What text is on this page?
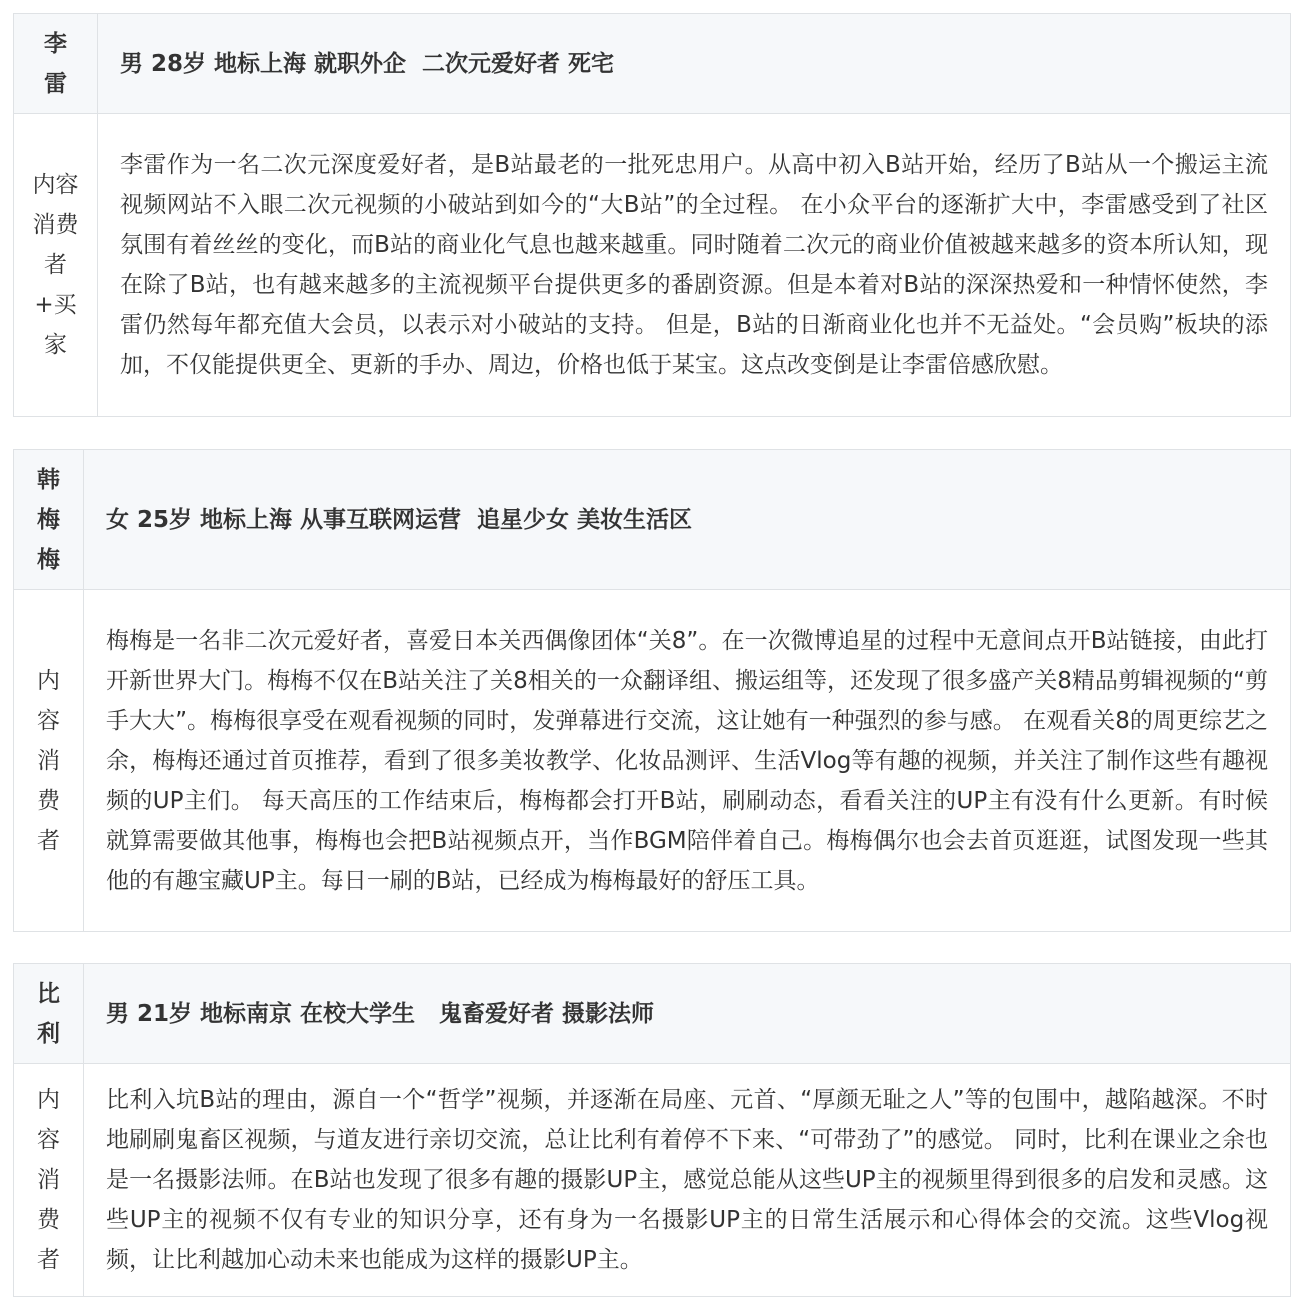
李雷	男 28岁 地标上海 就职外企  二次元爱好者 死宅
内容消费者+买家	李雷作为一名二次元深度爱好者，是B站最老的一批死忠用户。从高中初入B站开始，经历了B站从一个搬运主流视频网站不入眼二次元视频的小破站到如今的“大B站”的全过程。 在小众平台的逐渐扩大中，李雷感受到了社区氛围有着丝丝的变化，而B站的商业化气息也越来越重。同时随着二次元的商业价值被越来越多的资本所认知，现在除了B站，也有越来越多的主流视频平台提供更多的番剧资源。但是本着对B站的深深热爱和一种情怀使然，李雷仍然每年都充值大会员，以表示对小破站的支持。 但是，B站的日渐商业化也并不无益处。“会员购”板块的添加，不仅能提供更全、更新的手办、周边，价格也低于某宝。这点改变倒是让李雷倍感欣慰。
韩梅梅	女 25岁 地标上海 从事互联网运营  追星少女 美妆生活区
内容消费者	梅梅是一名非二次元爱好者，喜爱日本关西偶像团体“关8”。在一次微博追星的过程中无意间点开B站链接，由此打开新世界大门。梅梅不仅在B站关注了关8相关的一众翻译组、搬运组等，还发现了很多盛产关8精品剪辑视频的“剪手大大”。梅梅很享受在观看视频的同时，发弹幕进行交流，这让她有一种强烈的参与感。 在观看关8的周更综艺之余，梅梅还通过首页推荐，看到了很多美妆教学、化妆品测评、生活Vlog等有趣的视频，并关注了制作这些有趣视频的UP主们。 每天高压的工作结束后，梅梅都会打开B站，刷刷动态，看看关注的UP主有没有什么更新。有时候就算需要做其他事，梅梅也会把B站视频点开，当作BGM陪伴着自己。梅梅偶尔也会去首页逛逛，试图发现一些其他的有趣宝藏UP主。每日一刷的B站，已经成为梅梅最好的舒压工具。
比利	男 21岁 地标南京 在校大学生   鬼畜爱好者 摄影法师
内容消费者	比利入坑B站的理由，源自一个“哲学”视频，并逐渐在局座、元首、“厚颜无耻之人”等的包围中，越陷越深。不时地刷刷鬼畜区视频，与道友进行亲切交流，总让比利有着停不下来、“可带劲了”的感觉。 同时，比利在课业之余也是一名摄影法师。在B站也发现了很多有趣的摄影UP主，感觉总能从这些UP主的视频里得到很多的启发和灵感。这些UP主的视频不仅有专业的知识分享，还有身为一名摄影UP主的日常生活展示和心得体会的交流。这些Vlog视频，让比利越加心动未来也能成为这样的摄影UP主。
